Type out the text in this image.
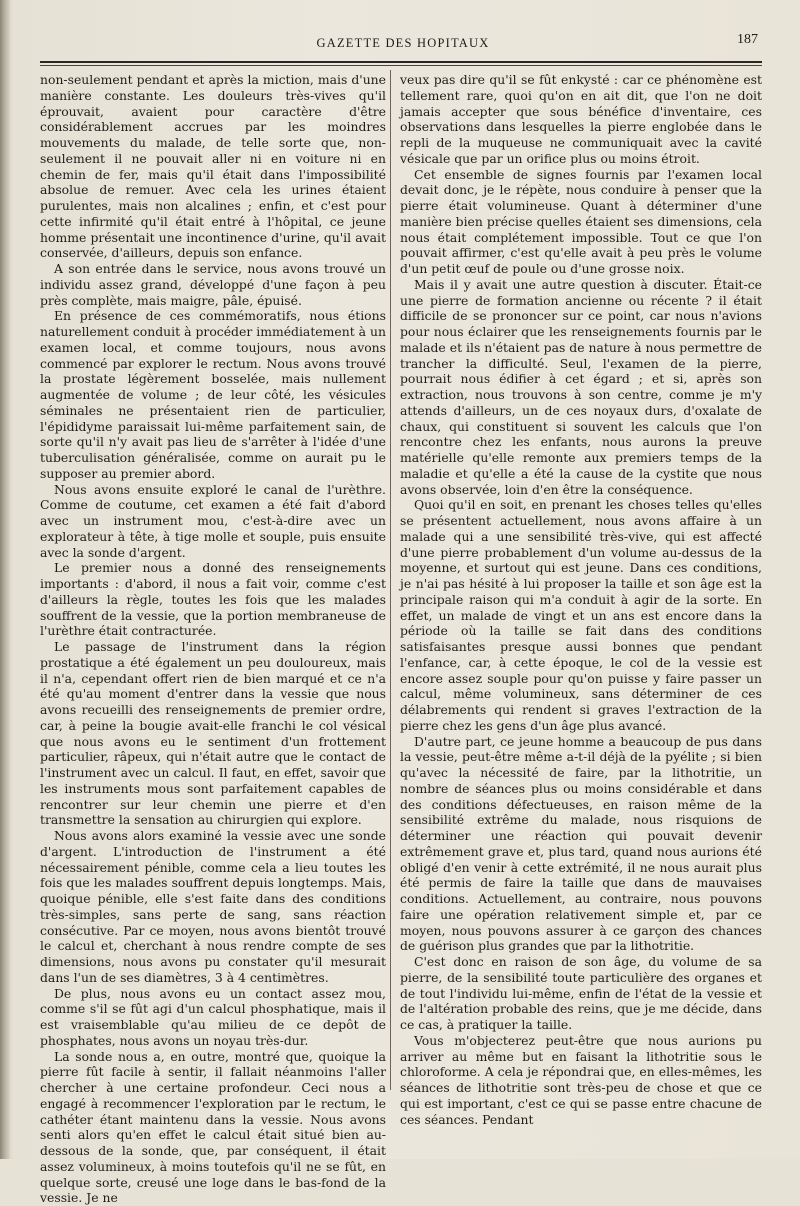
GAZETTE DES HOPITAUX	187

non-seulement pendant et après la miction, mais d'une manière constante. Les douleurs très-vives qu'il éprouvait, avaient pour caractère d'être considérablement accrues par les moindres mouvements du malade, de telle sorte que, non-seulement il ne pouvait aller ni en voiture ni en chemin de fer, mais qu'il était dans l'impossibilité absolue de remuer. Avec cela les urines étaient purulentes, mais non alcalines ; enfin, et c'est pour cette infirmité qu'il était entré à l'hôpital, ce jeune homme présentait une incontinence d'urine, qu'il avait conservée, d'ailleurs, depuis son enfance.

A son entrée dans le service, nous avons trouvé un individu assez grand, développé d'une façon à peu près complète, mais maigre, pâle, épuisé.

En présence de ces commémoratifs, nous étions naturellement conduit à procéder immédiatement à un examen local, et comme toujours, nous avons commencé par explorer le rectum. Nous avons trouvé la prostate légèrement bosselée, mais nullement augmentée de volume ; de leur côté, les vésicules séminales ne présentaient rien de particulier, l'épididyme paraissait lui-même parfaitement sain, de sorte qu'il n'y avait pas lieu de s'arrêter à l'idée d'une tuberculisation généralisée, comme on aurait pu le supposer au premier abord.

Nous avons ensuite exploré le canal de l'urèthre. Comme de coutume, cet examen a été fait d'abord avec un instrument mou, c'est-à-dire avec un explorateur à tête, à tige molle et souple, puis ensuite avec la sonde d'argent.

Le premier nous a donné des renseignements importants : d'abord, il nous a fait voir, comme c'est d'ailleurs la règle, toutes les fois que les malades souffrent de la vessie, que la portion membraneuse de l'urèthre était contracturée.

Le passage de l'instrument dans la région prostatique a été également un peu douloureux, mais il n'a, cependant offert rien de bien marqué et ce n'a été qu'au moment d'entrer dans la vessie que nous avons recueilli des renseignements de premier ordre, car, à peine la bougie avait-elle franchi le col vésical que nous avons eu le sentiment d'un frottement particulier, râpeux, qui n'était autre que le contact de l'instrument avec un calcul. Il faut, en effet, savoir que les instruments mous sont parfaitement capables de rencontrer sur leur chemin une pierre et d'en transmettre la sensation au chirurgien qui explore.

Nous avons alors examiné la vessie avec une sonde d'argent. L'introduction de l'instrument a été nécessairement pénible, comme cela a lieu toutes les fois que les malades souffrent depuis longtemps. Mais, quoique pénible, elle s'est faite dans des conditions très-simples, sans perte de sang, sans réaction consécutive. Par ce moyen, nous avons bientôt trouvé le calcul et, cherchant à nous rendre compte de ses dimensions, nous avons pu constater qu'il mesurait dans l'un de ses diamètres, 3 à 4 centimètres.

De plus, nous avons eu un contact assez mou, comme s'il se fût agi d'un calcul phosphatique, mais il est vraisemblable qu'au milieu de ce depôt de phosphates, nous avons un noyau très-dur.

La sonde nous a, en outre, montré que, quoique la pierre fût facile à sentir, il fallait néanmoins l'aller chercher à une certaine profondeur. Ceci nous a engagé à recommencer l'exploration par le rectum, le cathéter étant maintenu dans la vessie. Nous avons senti alors qu'en effet le calcul était situé bien au-dessous de la sonde, que, par conséquent, il était assez volumineux, à moins toutefois qu'il ne se fût, en quelque sorte, creusé une loge dans le bas-fond de la vessie. Je ne

veux pas dire qu'il se fût enkysté : car ce phénomène est tellement rare, quoi qu'on en ait dit, que l'on ne doit jamais accepter que sous bénéfice d'inventaire, ces observations dans lesquelles la pierre englobée dans le repli de la muqueuse ne communiquait avec la cavité vésicale que par un orifice plus ou moins étroit.

Cet ensemble de signes fournis par l'examen local devait donc, je le répète, nous conduire à penser que la pierre était volumineuse. Quant à déterminer d'une manière bien précise quelles étaient ses dimensions, cela nous était complétement impossible. Tout ce que l'on pouvait affirmer, c'est qu'elle avait à peu près le volume d'un petit œuf de poule ou d'une grosse noix.

Mais il y avait une autre question à discuter. Était-ce une pierre de formation ancienne ou récente ? il était difficile de se prononcer sur ce point, car nous n'avions pour nous éclairer que les renseignements fournis par le malade et ils n'étaient pas de nature à nous permettre de trancher la difficulté. Seul, l'examen de la pierre, pourrait nous édifier à cet égard ; et si, après son extraction, nous trouvons à son centre, comme je m'y attends d'ailleurs, un de ces noyaux durs, d'oxalate de chaux, qui constituent si souvent les calculs que l'on rencontre chez les enfants, nous aurons la preuve matérielle qu'elle remonte aux premiers temps de la maladie et qu'elle a été la cause de la cystite que nous avons observée, loin d'en être la conséquence.

Quoi qu'il en soit, en prenant les choses telles qu'elles se présentent actuellement, nous avons affaire à un malade qui a une sensibilité très-vive, qui est affecté d'une pierre probablement d'un volume au-dessus de la moyenne, et surtout qui est jeune. Dans ces conditions, je n'ai pas hésité à lui proposer la taille et son âge est la principale raison qui m'a conduit à agir de la sorte. En effet, un malade de vingt et un ans est encore dans la période où la taille se fait dans des conditions satisfaisantes presque aussi bonnes que pendant l'enfance, car, à cette époque, le col de la vessie est encore assez souple pour qu'on puisse y faire passer un calcul, même volumineux, sans déterminer de ces délabrements qui rendent si graves l'extraction de la pierre chez les gens d'un âge plus avancé.

D'autre part, ce jeune homme a beaucoup de pus dans la vessie, peut-être même a-t-il déjà de la pyélite ; si bien qu'avec la nécessité de faire, par la lithotritie, un nombre de séances plus ou moins considérable et dans des conditions défectueuses, en raison même de la sensibilité extrême du malade, nous risquions de déterminer une réaction qui pouvait devenir extrêmement grave et, plus tard, quand nous aurions été obligé d'en venir à cette extrémité, il ne nous aurait plus été permis de faire la taille que dans de mauvaises conditions. Actuellement, au contraire, nous pouvons faire une opération relativement simple et, par ce moyen, nous pouvons assurer à ce garçon des chances de guérison plus grandes que par la lithotritie.

C'est donc en raison de son âge, du volume de sa pierre, de la sensibilité toute particulière des organes et de tout l'individu lui-même, enfin de l'état de la vessie et de l'altération probable des reins, que je me décide, dans ce cas, à pratiquer la taille.

Vous m'objecterez peut-être que nous aurions pu arriver au même but en faisant la lithotritie sous le chloroforme. A cela je répondrai que, en elles-mêmes, les séances de lithotritie sont très-peu de chose et que ce qui est important, c'est ce qui se passe entre chacune de ces séances. Pendant
